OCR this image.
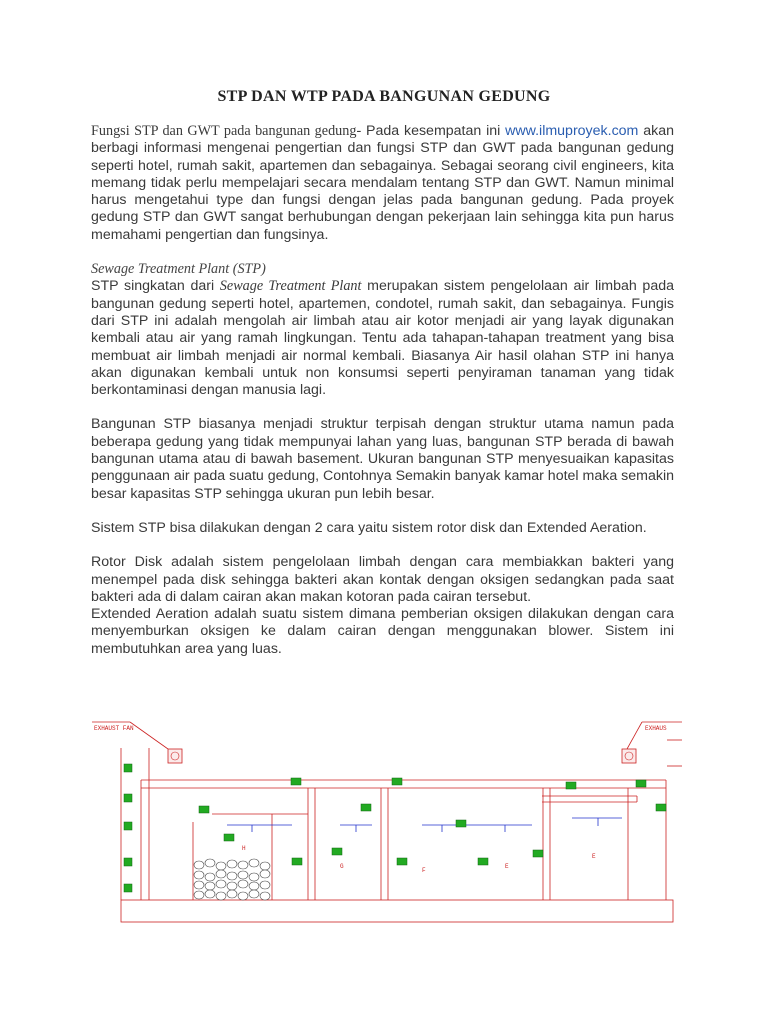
STP DAN WTP PADA BANGUNAN GEDUNG

Fungsi STP dan GWT pada bangunan gedung- Pada kesempatan ini www.ilmuproyek.com akan berbagi informasi mengenai pengertian dan fungsi STP dan GWT pada bangunan gedung seperti hotel, rumah sakit, apartemen dan sebagainya. Sebagai seorang civil engineers, kita memang tidak perlu mempelajari secara mendalam tentang STP dan GWT. Namun minimal harus mengetahui type dan fungsi dengan jelas pada bangunan gedung. Pada proyek gedung STP dan GWT sangat berhubungan dengan pekerjaan lain sehingga kita pun harus memahami pengertian dan fungsinya.

Sewage Treatment Plant (STP)

STP singkatan dari Sewage Treatment Plant merupakan sistem pengelolaan air limbah pada bangunan gedung seperti hotel, apartemen, condotel, rumah sakit, dan sebagainya. Fungis dari STP ini adalah mengolah air limbah atau air kotor menjadi air yang layak digunakan kembali atau air yang ramah lingkungan. Tentu ada tahapan-tahapan treatment yang bisa membuat air limbah menjadi air normal kembali. Biasanya Air hasil olahan STP ini hanya akan digunakan kembali untuk non konsumsi seperti penyiraman tanaman yang tidak berkontaminasi dengan manusia lagi.

Bangunan STP biasanya menjadi struktur terpisah dengan struktur utama namun pada beberapa gedung yang tidak mempunyai lahan yang luas, bangunan STP berada di bawah bangunan utama atau di bawah basement. Ukuran bangunan STP menyesuaikan kapasitas penggunaan air pada suatu gedung, Contohnya Semakin banyak kamar hotel maka semakin besar kapasitas STP sehingga ukuran pun lebih besar.

Sistem STP bisa dilakukan dengan 2 cara yaitu sistem rotor disk dan Extended Aeration.

Rotor Disk adalah sistem pengelolaan limbah dengan cara membiakkan bakteri yang menempel pada disk sehingga bakteri akan kontak dengan oksigen sedangkan pada saat bakteri ada di dalam cairan akan makan kotoran pada cairan tersebut.

Extended Aeration adalah suatu sistem dimana pemberian oksigen dilakukan dengan cara menyemburkan oksigen ke dalam cairan dengan menggunakan blower. Sistem ini membutuhkan area yang luas.

EXHAUST FAN	EXHAUS
H
G
F
E
E
